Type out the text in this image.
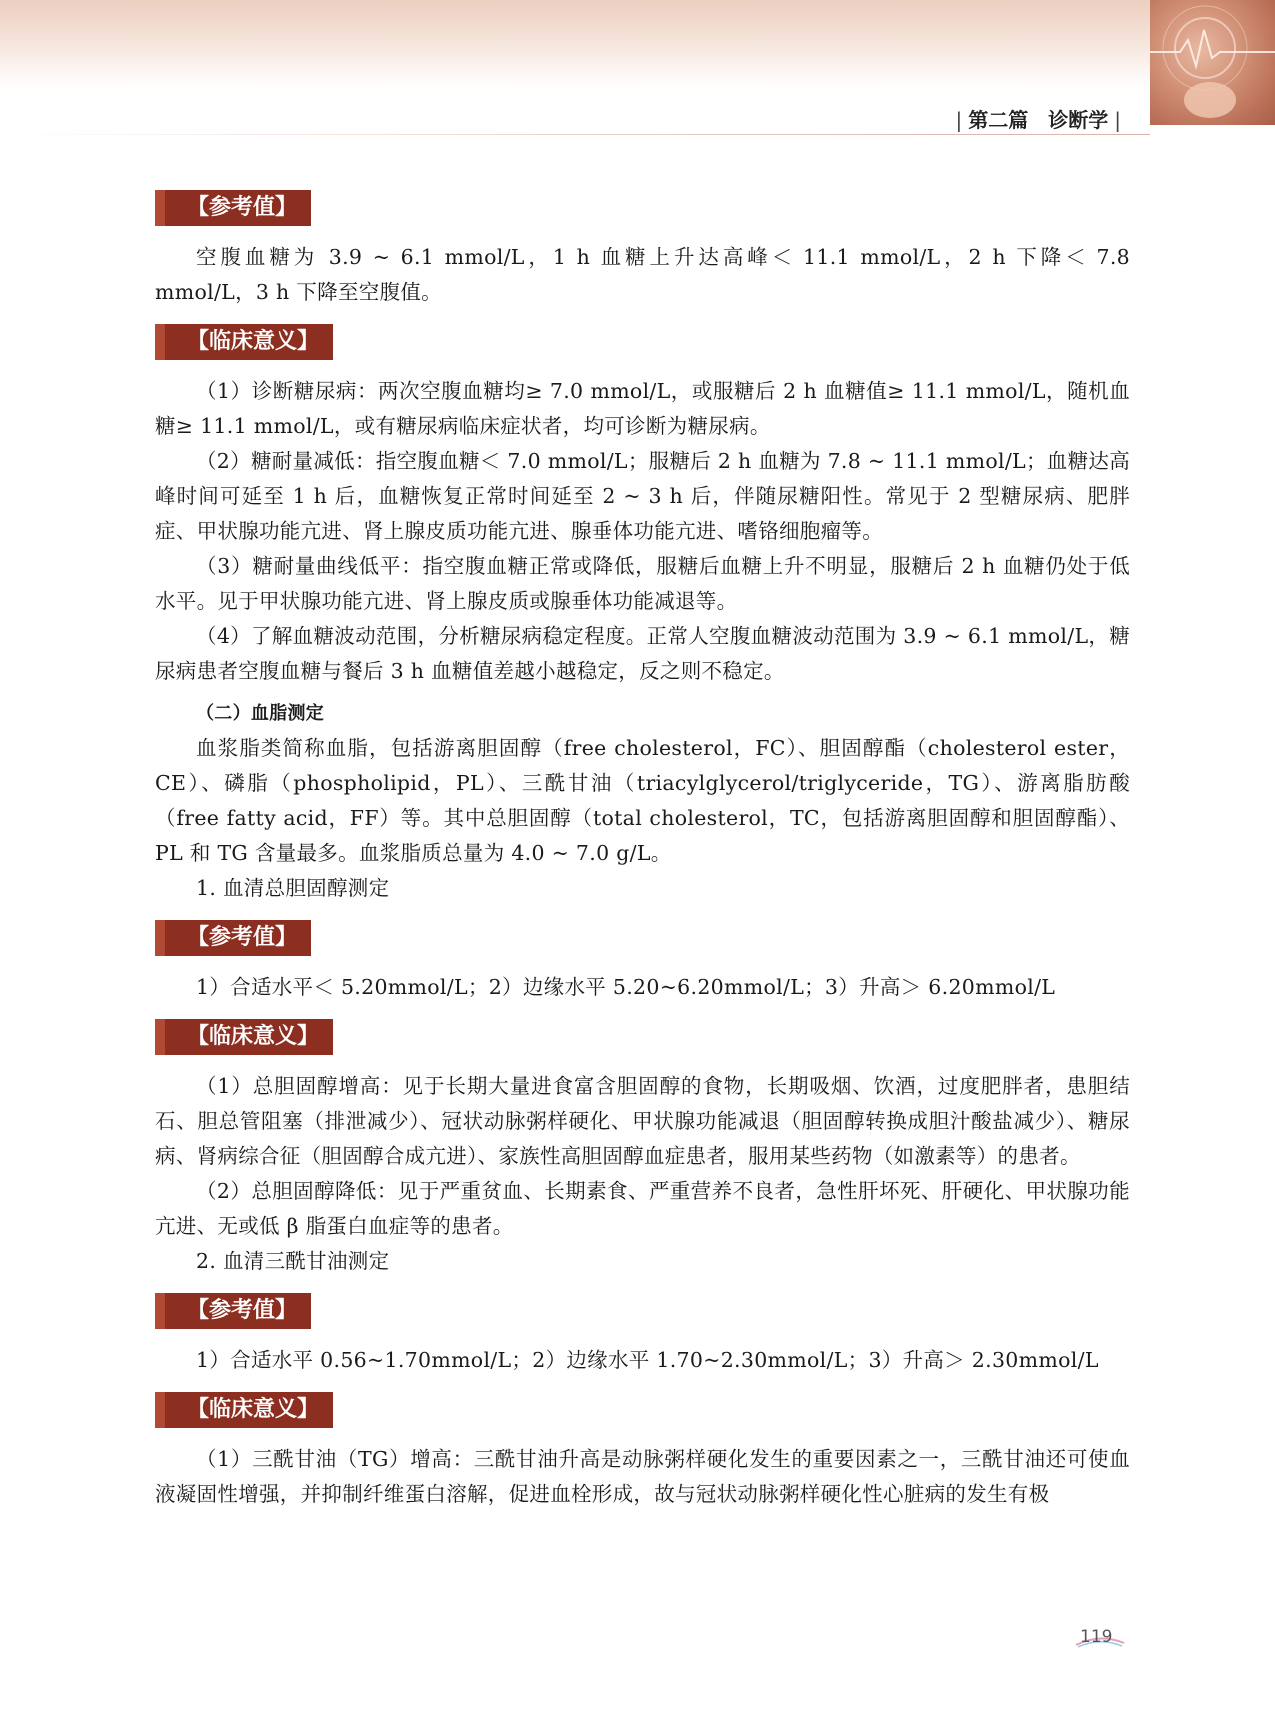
| 第二篇 诊断学 |
【参考值】

空腹血糖为 3.9 ~ 6.1 mmol/L，1 h 血糖上升达高峰＜ 11.1 mmol/L，2 h 下降＜ 7.8 mmol/L，3 h 下降至空腹值。

【临床意义】

（1）诊断糖尿病：两次空腹血糖均≥ 7.0 mmol/L，或服糖后 2 h 血糖值≥ 11.1 mmol/L，随机血糖≥ 11.1 mmol/L，或有糖尿病临床症状者，均可诊断为糖尿病。

（2）糖耐量减低：指空腹血糖＜ 7.0 mmol/L；服糖后 2 h 血糖为 7.8 ~ 11.1 mmol/L；血糖达高峰时间可延至 1 h 后，血糖恢复正常时间延至 2 ~ 3 h 后，伴随尿糖阳性。常见于 2 型糖尿病、肥胖症、甲状腺功能亢进、肾上腺皮质功能亢进、腺垂体功能亢进、嗜铬细胞瘤等。

（3）糖耐量曲线低平：指空腹血糖正常或降低，服糖后血糖上升不明显，服糖后 2 h 血糖仍处于低水平。见于甲状腺功能亢进、肾上腺皮质或腺垂体功能减退等。

（4）了解血糖波动范围，分析糖尿病稳定程度。正常人空腹血糖波动范围为 3.9 ~ 6.1 mmol/L，糖尿病患者空腹血糖与餐后 3 h 血糖值差越小越稳定，反之则不稳定。

（二）血脂测定

血浆脂类简称血脂，包括游离胆固醇（free cholesterol，FC）、胆固醇酯（cholesterol ester，CE）、磷脂（phospholipid，PL）、三酰甘油（triacylglycerol/triglyceride，TG）、游离脂肪酸（free fatty acid，FF）等。其中总胆固醇（total cholesterol，TC，包括游离胆固醇和胆固醇酯）、PL 和 TG 含量最多。血浆脂质总量为 4.0 ~ 7.0 g/L。

1. 血清总胆固醇测定

【参考值】

1）合适水平＜ 5.20mmol/L；2）边缘水平 5.20~6.20mmol/L；3）升高＞ 6.20mmol/L

【临床意义】

（1）总胆固醇增高：见于长期大量进食富含胆固醇的食物，长期吸烟、饮酒，过度肥胖者，患胆结石、胆总管阻塞（排泄减少）、冠状动脉粥样硬化、甲状腺功能减退（胆固醇转换成胆汁酸盐减少）、糖尿病、肾病综合征（胆固醇合成亢进）、家族性高胆固醇血症患者，服用某些药物（如激素等）的患者。

（2）总胆固醇降低：见于严重贫血、长期素食、严重营养不良者，急性肝坏死、肝硬化、甲状腺功能亢进、无或低 β 脂蛋白血症等的患者。

2. 血清三酰甘油测定

【参考值】

1）合适水平 0.56~1.70mmol/L；2）边缘水平 1.70~2.30mmol/L；3）升高＞ 2.30mmol/L

【临床意义】

（1）三酰甘油（TG）增高：三酰甘油升高是动脉粥样硬化发生的重要因素之一，三酰甘油还可使血液凝固性增强，并抑制纤维蛋白溶解，促进血栓形成，故与冠状动脉粥样硬化性心脏病的发生有极

119
